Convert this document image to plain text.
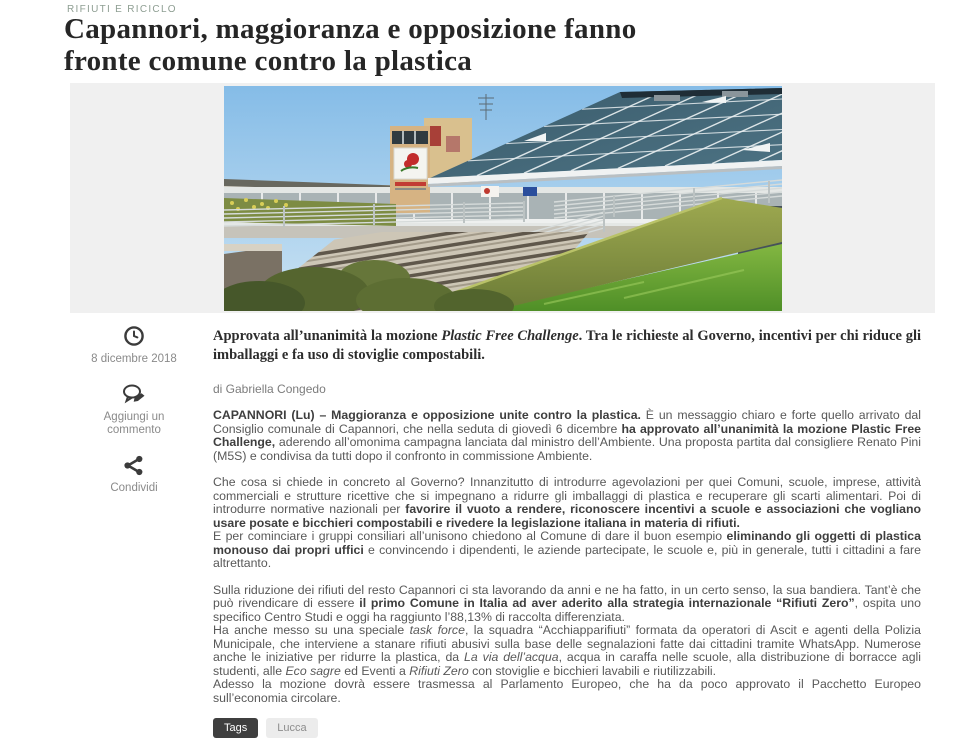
RIFIUTI E RICICLO
Capannori, maggioranza e opposizione fanno
fronte comune contro la plastica
8 dicembre 2018
Aggiungi un commento
Condividi

Approvata all’unanimità la mozione Plastic Free Challenge. Tra le richieste al Governo, incentivi per chi riduce gli imballaggi e fa uso di stoviglie compostabili.

di Gabriella Congedo

CAPANNORI (Lu) – Maggioranza e opposizione unite contro la plastica. È un messaggio chiaro e forte quello arrivato dal Consiglio comunale di Capannori, che nella seduta di giovedì 6 dicembre ha approvato all’unanimità la mozione Plastic Free Challenge, aderendo all’omonima campagna lanciata dal ministro dell’Ambiente. Una proposta partita dal consigliere Renato Pini (M5S) e condivisa da tutti dopo il confronto in commissione Ambiente.

Che cosa si chiede in concreto al Governo? Innanzitutto di introdurre agevolazioni per quei Comuni, scuole, imprese, attività commerciali e strutture ricettive che si impegnano a ridurre gli imballaggi di plastica e recuperare gli scarti alimentari. Poi di introdurre normative nazionali per favorire il vuoto a rendere, riconoscere incentivi a scuole e associazioni che vogliano usare posate e bicchieri compostabili e rivedere la legislazione italiana in materia di rifiuti.
E per cominciare i gruppi consiliari all’unisono chiedono al Comune di dare il buon esempio eliminando gli oggetti di plastica monouso dai propri uffici e convincendo i dipendenti, le aziende partecipate, le scuole e, più in generale, tutti i cittadini a fare altrettanto.

Sulla riduzione dei rifiuti del resto Capannori ci sta lavorando da anni e ne ha fatto, in un certo senso, la sua bandiera. Tant’è che può rivendicare di essere il primo Comune in Italia ad aver aderito alla strategia internazionale “Rifiuti Zero”, ospita uno specifico Centro Studi e oggi ha raggiunto l’88,13% di raccolta differenziata.
Ha anche messo su una speciale task force, la squadra “Acchiapparifiuti” formata da operatori di Ascit e agenti della Polizia Municipale, che interviene a stanare rifiuti abusivi sulla base delle segnalazioni fatte dai cittadini tramite WhatsApp. Numerose anche le iniziative per ridurre la plastica, da La via dell’acqua, acqua in caraffa nelle scuole, alla distribuzione di borracce agli studenti, alle Eco sagre ed Eventi a Rifiuti Zero con stoviglie e bicchieri lavabili e riutilizzabili.
Adesso la mozione dovrà essere trasmessa al Parlamento Europeo, che ha da poco approvato il Pacchetto Europeo sull’economia circolare.

Tags	Lucca
